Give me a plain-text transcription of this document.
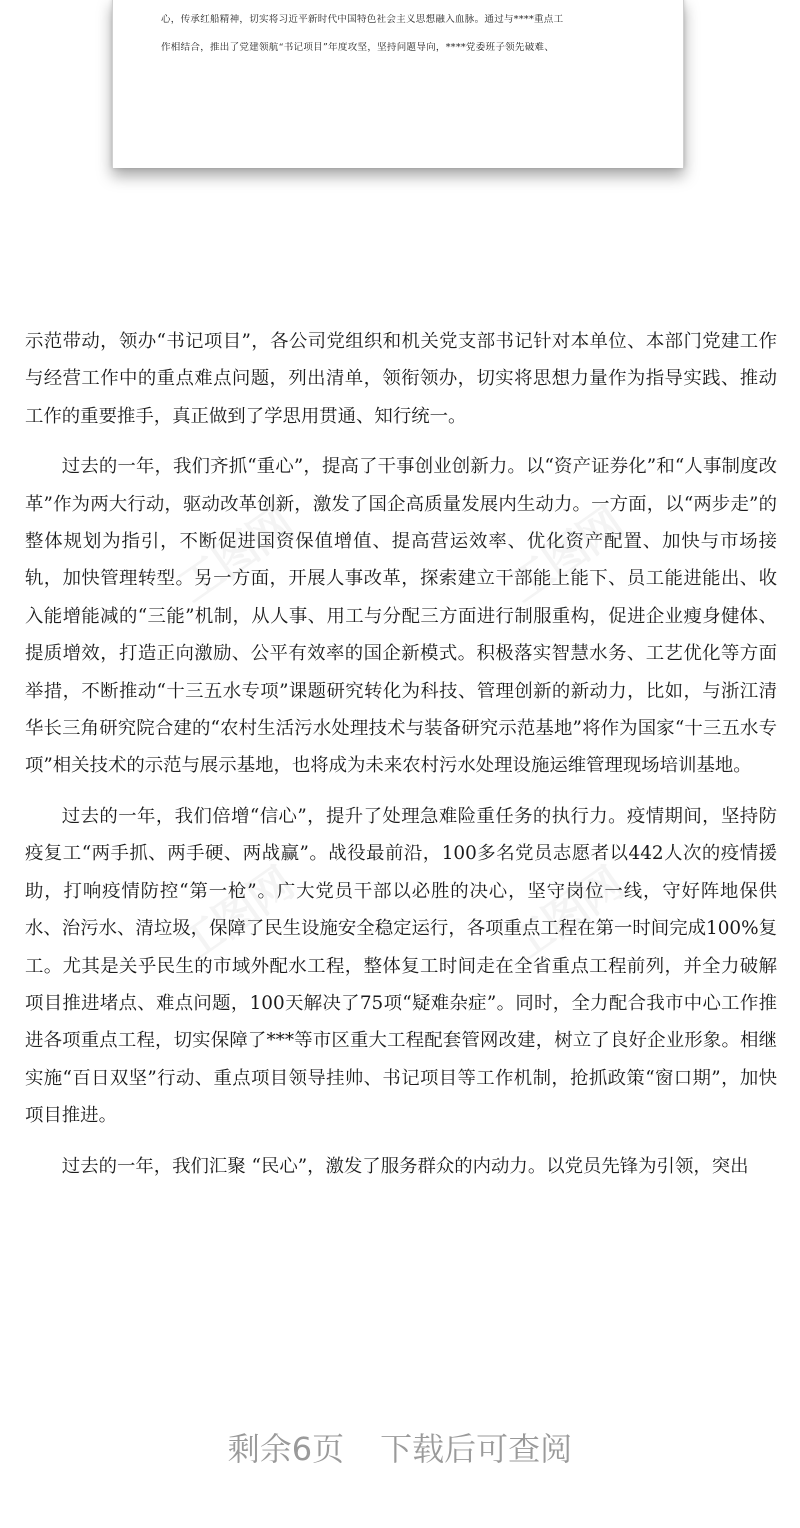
心，传承红船精神，切实将习近平新时代中国特色社会主义思想融入血脉。通过与****重点工
作相结合，推出了党建领航“书记项目”年度攻坚，坚持问题导向，****党委班子领先破难、

示范带动，领办“书记项目”，各公司党组织和机关党支部书记针对本单位、本部门党建工作与经营工作中的重点难点问题，列出清单，领衔领办，切实将思想力量作为指导实践、推动工作的重要推手，真正做到了学思用贯通、知行统一。

过去的一年，我们齐抓“重心”，提高了干事创业创新力。以“资产证券化”和“人事制度改革”作为两大行动，驱动改革创新，激发了国企高质量发展内生动力。一方面，以“两步走”的整体规划为指引，不断促进国资保值增值、提高营运效率、优化资产配置、加快与市场接轨，加快管理转型。另一方面，开展人事改革，探索建立干部能上能下、员工能进能出、收入能增能减的“三能”机制，从人事、用工与分配三方面进行制服重构，促进企业瘦身健体、提质增效，打造正向激励、公平有效率的国企新模式。积极落实智慧水务、工艺优化等方面举措，不断推动“十三五水专项”课题研究转化为科技、管理创新的新动力，比如，与浙江清华长三角研究院合建的“农村生活污水处理技术与装备研究示范基地”将作为国家“十三五水专项”相关技术的示范与展示基地，也将成为未来农村污水处理设施运维管理现场培训基地。

过去的一年，我们倍增“信心”，提升了处理急难险重任务的执行力。疫情期间，坚持防疫复工“两手抓、两手硬、两战赢”。战役最前沿，100多名党员志愿者以442人次的疫情援助，打响疫情防控“第一枪”。广大党员干部以必胜的决心，坚守岗位一线，守好阵地保供水、治污水、清垃圾，保障了民生设施安全稳定运行，各项重点工程在第一时间完成100%复工。尤其是关乎民生的市域外配水工程，整体复工时间走在全省重点工程前列，并全力破解项目推进堵点、难点问题，100天解决了75项“疑难杂症”。同时，全力配合我市中心工作推进各项重点工程，切实保障了***等市区重大工程配套管网改建，树立了良好企业形象。相继实施“百日双坚”行动、重点项目领导挂帅、书记项目等工作机制，抢抓政策“窗口期”，加快项目推进。

过去的一年，我们汇聚 “民心”，激发了服务群众的内动力。以党员先锋为引领，突出

剩余6页 下载后可查阅
